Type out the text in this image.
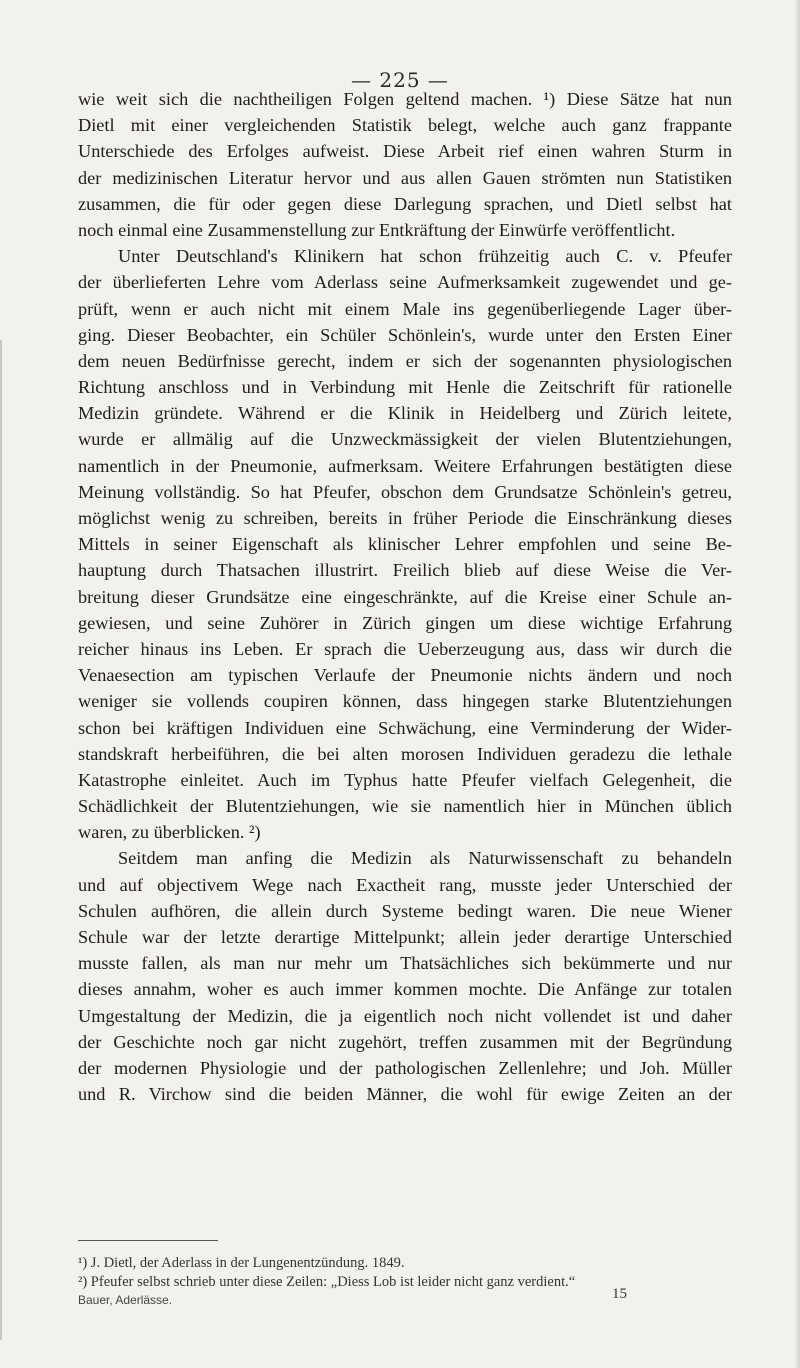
— 225 —
wie weit sich die nachtheiligen Folgen geltend machen. ¹) Diese Sätze hat nun
Dietl mit einer vergleichenden Statistik belegt, welche auch ganz frappante
Unterschiede des Erfolges aufweist. Diese Arbeit rief einen wahren Sturm in
der medizinischen Literatur hervor und aus allen Gauen strömten nun Statistiken
zusammen, die für oder gegen diese Darlegung sprachen, und Dietl selbst hat
noch einmal eine Zusammenstellung zur Entkräftung der Einwürfe veröffentlicht.
Unter Deutschland's Klinikern hat schon frühzeitig auch C. v. Pfeufer
der überlieferten Lehre vom Aderlass seine Aufmerksamkeit zugewendet und ge-
prüft, wenn er auch nicht mit einem Male ins gegenüberliegende Lager über-
ging. Dieser Beobachter, ein Schüler Schönlein's, wurde unter den Ersten Einer
dem neuen Bedürfnisse gerecht, indem er sich der sogenannten physiologischen
Richtung anschloss und in Verbindung mit Henle die Zeitschrift für rationelle
Medizin gründete. Während er die Klinik in Heidelberg und Zürich leitete,
wurde er allmälig auf die Unzweckmässigkeit der vielen Blutentziehungen,
namentlich in der Pneumonie, aufmerksam. Weitere Erfahrungen bestätigten diese
Meinung vollständig. So hat Pfeufer, obschon dem Grundsatze Schönlein's getreu,
möglichst wenig zu schreiben, bereits in früher Periode die Einschränkung dieses
Mittels in seiner Eigenschaft als klinischer Lehrer empfohlen und seine Be-
hauptung durch Thatsachen illustrirt. Freilich blieb auf diese Weise die Ver-
breitung dieser Grundsätze eine eingeschränkte, auf die Kreise einer Schule an-
gewiesen, und seine Zuhörer in Zürich gingen um diese wichtige Erfahrung
reicher hinaus ins Leben. Er sprach die Ueberzeugung aus, dass wir durch die
Venaesection am typischen Verlaufe der Pneumonie nichts ändern und noch
weniger sie vollends coupiren können, dass hingegen starke Blutentziehungen
schon bei kräftigen Individuen eine Schwächung, eine Verminderung der Wider-
standskraft herbeiführen, die bei alten morosen Individuen geradezu die lethale
Katastrophe einleitet. Auch im Typhus hatte Pfeufer vielfach Gelegenheit, die
Schädlichkeit der Blutentziehungen, wie sie namentlich hier in München üblich
waren, zu überblicken. ²)
Seitdem man anfing die Medizin als Naturwissenschaft zu behandeln
und auf objectivem Wege nach Exactheit rang, musste jeder Unterschied der
Schulen aufhören, die allein durch Systeme bedingt waren. Die neue Wiener
Schule war der letzte derartige Mittelpunkt; allein jeder derartige Unterschied
musste fallen, als man nur mehr um Thatsächliches sich bekümmerte und nur
dieses annahm, woher es auch immer kommen mochte. Die Anfänge zur totalen
Umgestaltung der Medizin, die ja eigentlich noch nicht vollendet ist und daher
der Geschichte noch gar nicht zugehört, treffen zusammen mit der Begründung
der modernen Physiologie und der pathologischen Zellenlehre; und Joh. Müller
und R. Virchow sind die beiden Männer, die wohl für ewige Zeiten an der
¹) J. Dietl, der Aderlass in der Lungenentzündung. 1849.
²) Pfeufer selbst schrieb unter diese Zeilen: „Diess Lob ist leider nicht ganz verdient.“
Bauer, Aderlässe.	15
